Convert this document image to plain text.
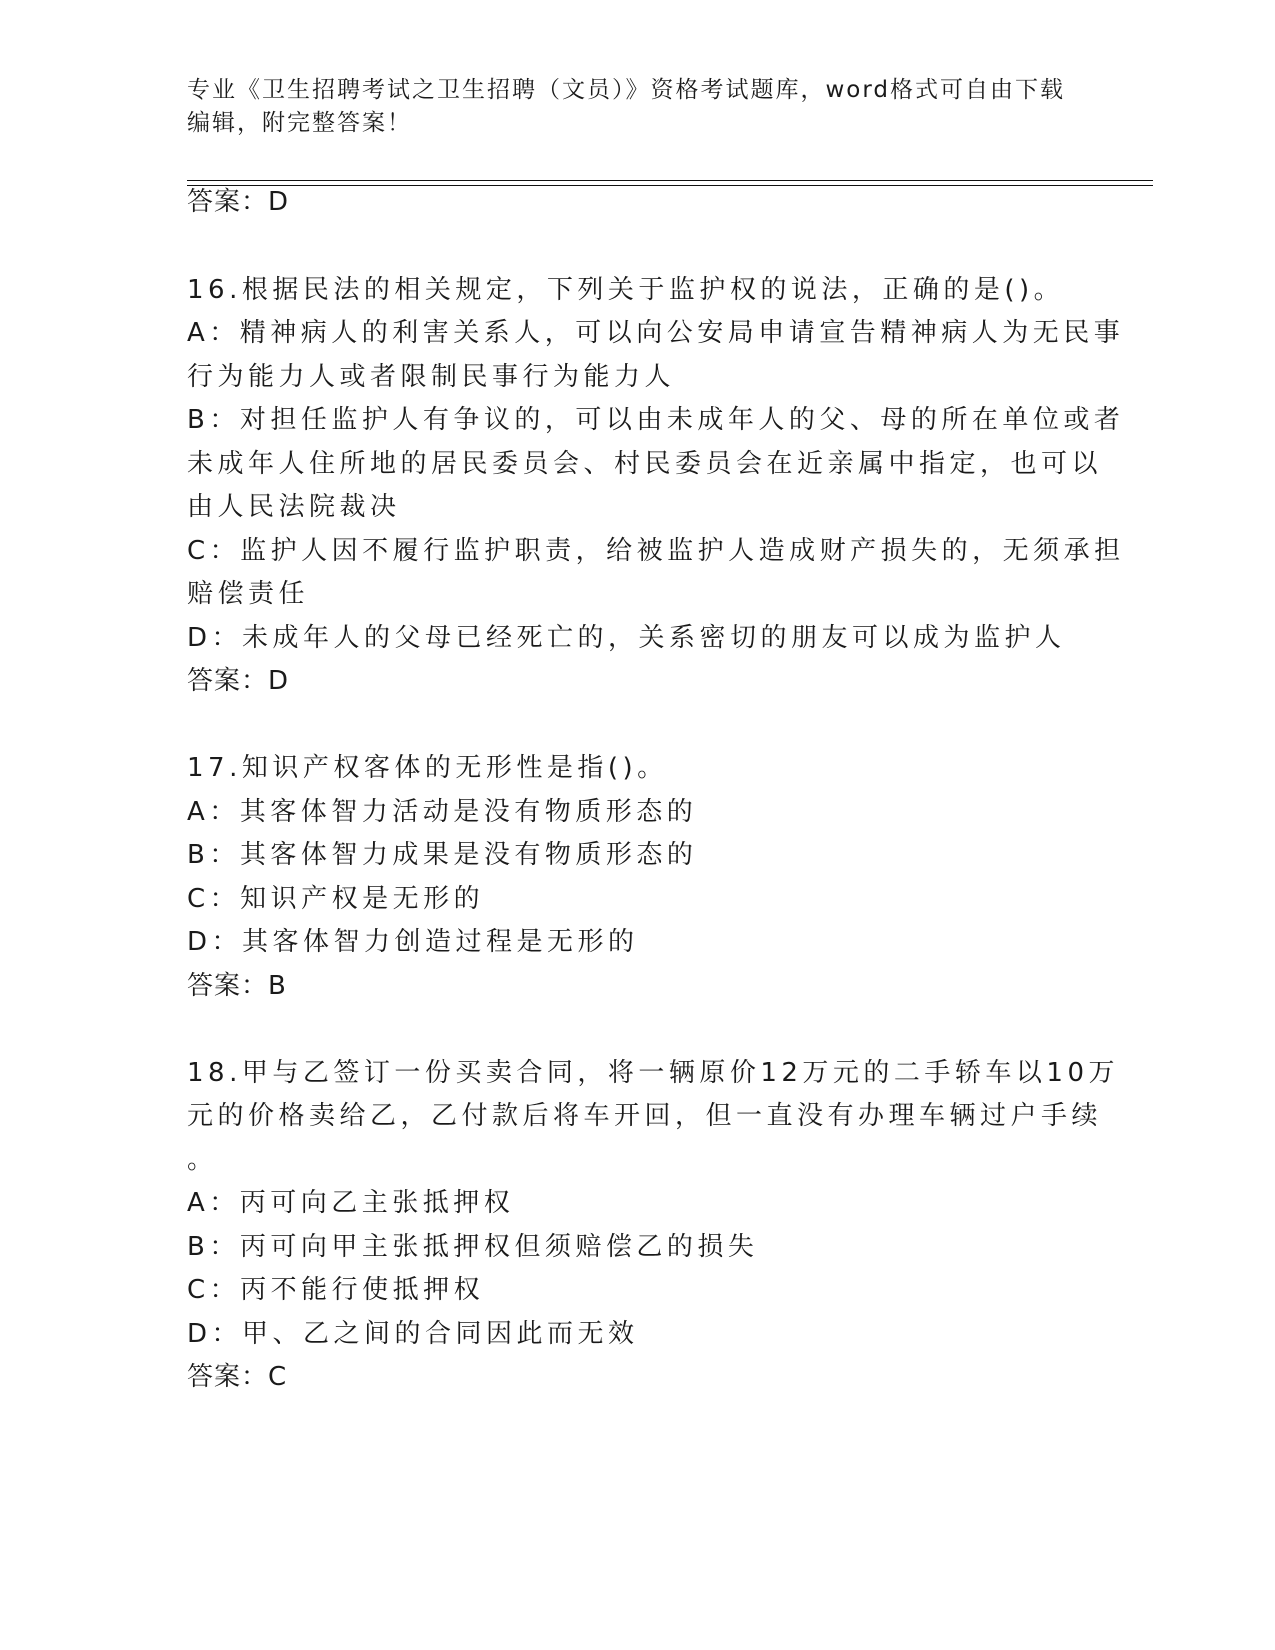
专业《卫生招聘考试之卫生招聘（文员）》资格考试题库，word格式可自由下载
编辑，附完整答案！
答案：D
16.根据民法的相关规定，下列关于监护权的说法，正确的是()。
A：精神病人的利害关系人，可以向公安局申请宣告精神病人为无民事
行为能力人或者限制民事行为能力人
B：对担任监护人有争议的，可以由未成年人的父、母的所在单位或者
未成年人住所地的居民委员会、村民委员会在近亲属中指定，也可以
由人民法院裁决
C：监护人因不履行监护职责，给被监护人造成财产损失的，无须承担
赔偿责任
D：未成年人的父母已经死亡的，关系密切的朋友可以成为监护人
答案：D
17.知识产权客体的无形性是指()。
A：其客体智力活动是没有物质形态的
B：其客体智力成果是没有物质形态的
C：知识产权是无形的
D：其客体智力创造过程是无形的
答案：B
18.甲与乙签订一份买卖合同，将一辆原价12万元的二手轿车以10万
元的价格卖给乙，乙付款后将车开回，但一直没有办理车辆过户手续
。
A：丙可向乙主张抵押权
B：丙可向甲主张抵押权但须赔偿乙的损失
C：丙不能行使抵押权
D：甲、乙之间的合同因此而无效
答案：C
